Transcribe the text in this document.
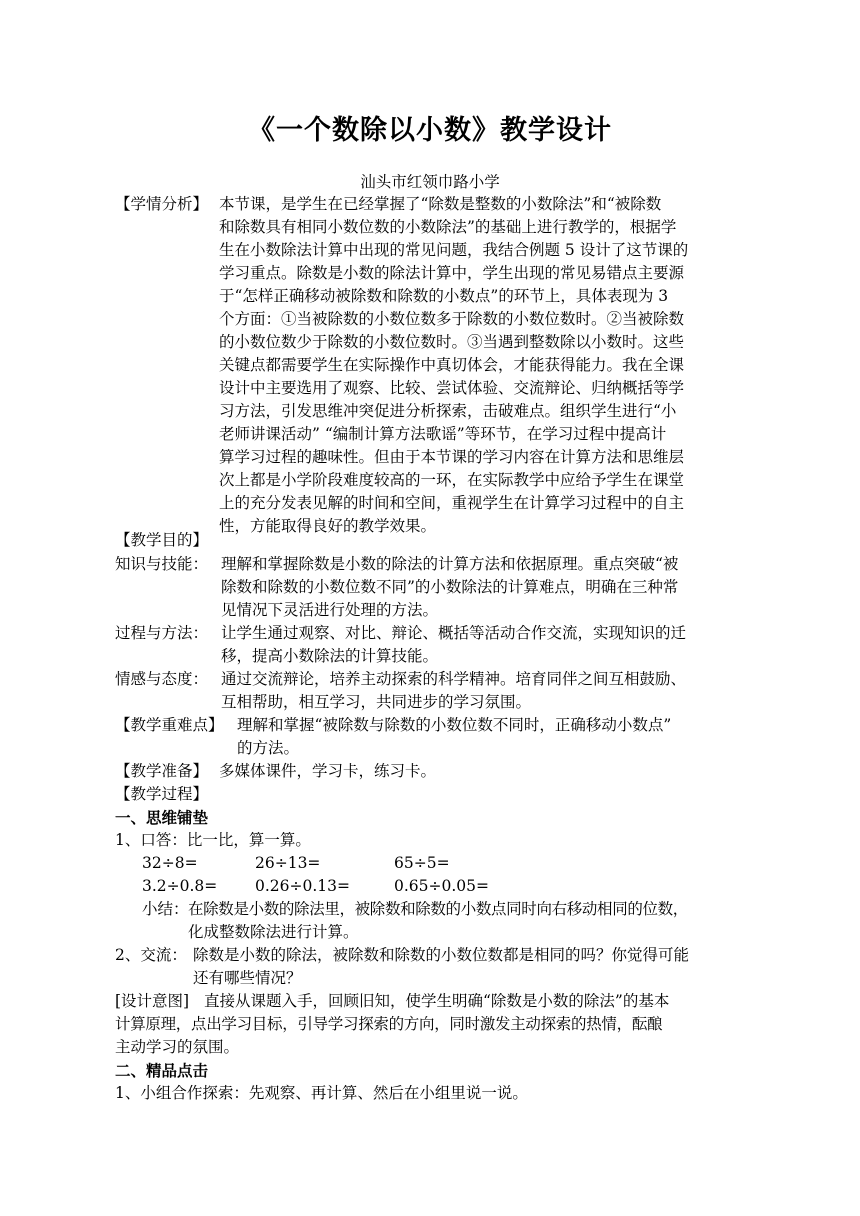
《一个数除以小数》教学设计
汕头市红领巾路小学
【学情分析】 本节课，是学生在已经掌握了“除数是整数的小数除法”和“被除数
和除数具有相同小数位数的小数除法”的基础上进行教学的，根据学
生在小数除法计算中出现的常见问题，我结合例题 5 设计了这节课的
学习重点。除数是小数的除法计算中，学生出现的常见易错点主要源
于“怎样正确移动被除数和除数的小数点”的环节上，具体表现为 3
个方面：①当被除数的小数位数多于除数的小数位数时。②当被除数
的小数位数少于除数的小数位数时。③当遇到整数除以小数时。这些
关键点都需要学生在实际操作中真切体会，才能获得能力。我在全课
设计中主要选用了观察、比较、尝试体验、交流辩论、归纳概括等学
习方法，引发思维冲突促进分析探索，击破难点。组织学生进行“小
老师讲课活动” “编制计算方法歌谣”等环节，在学习过程中提高计
算学习过程的趣味性。但由于本节课的学习内容在计算方法和思维层
次上都是小学阶段难度较高的一环，在实际教学中应给予学生在课堂
上的充分发表见解的时间和空间，重视学生在计算学习过程中的自主
性，方能取得良好的教学效果。
【教学目的】
知识与技能： 理解和掌握除数是小数的除法的计算方法和依据原理。重点突破“被
除数和除数的小数位数不同”的小数除法的计算难点，明确在三种常
见情况下灵活进行处理的方法。
过程与方法： 让学生通过观察、对比、辩论、概括等活动合作交流，实现知识的迁
移，提高小数除法的计算技能。
情感与态度： 通过交流辩论，培养主动探索的科学精神。培育同伴之间互相鼓励、
互相帮助，相互学习，共同进步的学习氛围。
【教学重难点】 理解和掌握“被除数与除数的小数位数不同时，正确移动小数点”
的方法。
【教学准备】 多媒体课件，学习卡，练习卡。
【教学过程】
一、思维铺垫
1、口答：比一比，算一算。
32÷8=	26÷13=	65÷5=
3.2÷0.8= 0.26÷0.13=	0.65÷0.05=
小结： 在除数是小数的除法里，被除数和除数的小数点同时向右移动相同的位数，
化成整数除法进行计算。
2、交流： 除数是小数的除法，被除数和除数的小数位数都是相同的吗？你觉得可能
还有哪些情况？
[设计意图] 直接从课题入手，回顾旧知，使学生明确“除数是小数的除法”的基本
计算原理，点出学习目标，引导学习探索的方向，同时激发主动探索的热情，酝酿
主动学习的氛围。
二、精品点击
1、小组合作探索：先观察、再计算、然后在小组里说一说。
